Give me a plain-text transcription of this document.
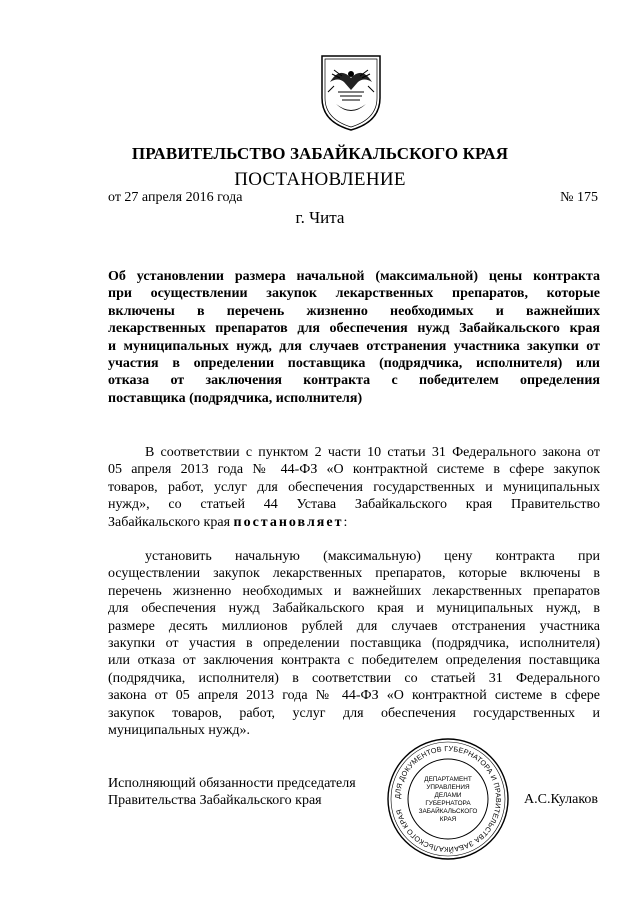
ПРАВИТЕЛЬСТВО ЗАБАЙКАЛЬСКОГО КРАЯ
ПОСТАНОВЛЕНИЕ
от 27 апреля 2016 года	№ 175
г. Чита
Об установлении размера начальной (максимальной) цены контракта
при осуществлении закупок лекарственных препаратов, которые
включены в перечень жизненно необходимых и важнейших
лекарственных препаратов для обеспечения нужд Забайкальского края
и муниципальных нужд, для случаев отстранения участника закупки от
участия в определении поставщика (подрядчика, исполнителя) или
отказа от заключения контракта с победителем определения
поставщика (подрядчика, исполнителя)
В соответствии с пунктом 2 части 10 статьи 31 Федерального закона от
05 апреля 2013 года № 44-ФЗ «О контрактной системе в сфере закупок
товаров, работ, услуг для обеспечения государственных и муниципальных
нужд», со статьей 44 Устава Забайкальского края Правительство
Забайкальского края постановляет:
установить начальную (максимальную) цену контракта при
осуществлении закупок лекарственных препаратов, которые включены в
перечень жизненно необходимых и важнейших лекарственных препаратов
для обеспечения нужд Забайкальского края и муниципальных нужд, в
размере десять миллионов рублей для случаев отстранения участника
закупки от участия в определении поставщика (подрядчика, исполнителя)
или отказа от заключения контракта с победителем определения поставщика
(подрядчика, исполнителя) в соответствии со статьей 31 Федерального
закона от 05 апреля 2013 года № 44-ФЗ «О контрактной системе в сфере
закупок товаров, работ, услуг для обеспечения государственных и
муниципальных нужд».
Исполняющий обязанности председателя
Правительства Забайкальского края	А.С.Кулаков
ДЛЯ ДОКУМЕНТОВ ГУБЕРНАТОРА И ПРАВИТЕЛЬСТВА ЗАБАЙКАЛЬСКОГО КРАЯ
ДЕПАРТАМЕНТ
УПРАВЛЕНИЯ
ДЕЛАМИ
ГУБЕРНАТОРА
ЗАБАЙКАЛЬСКОГО
КРАЯ
